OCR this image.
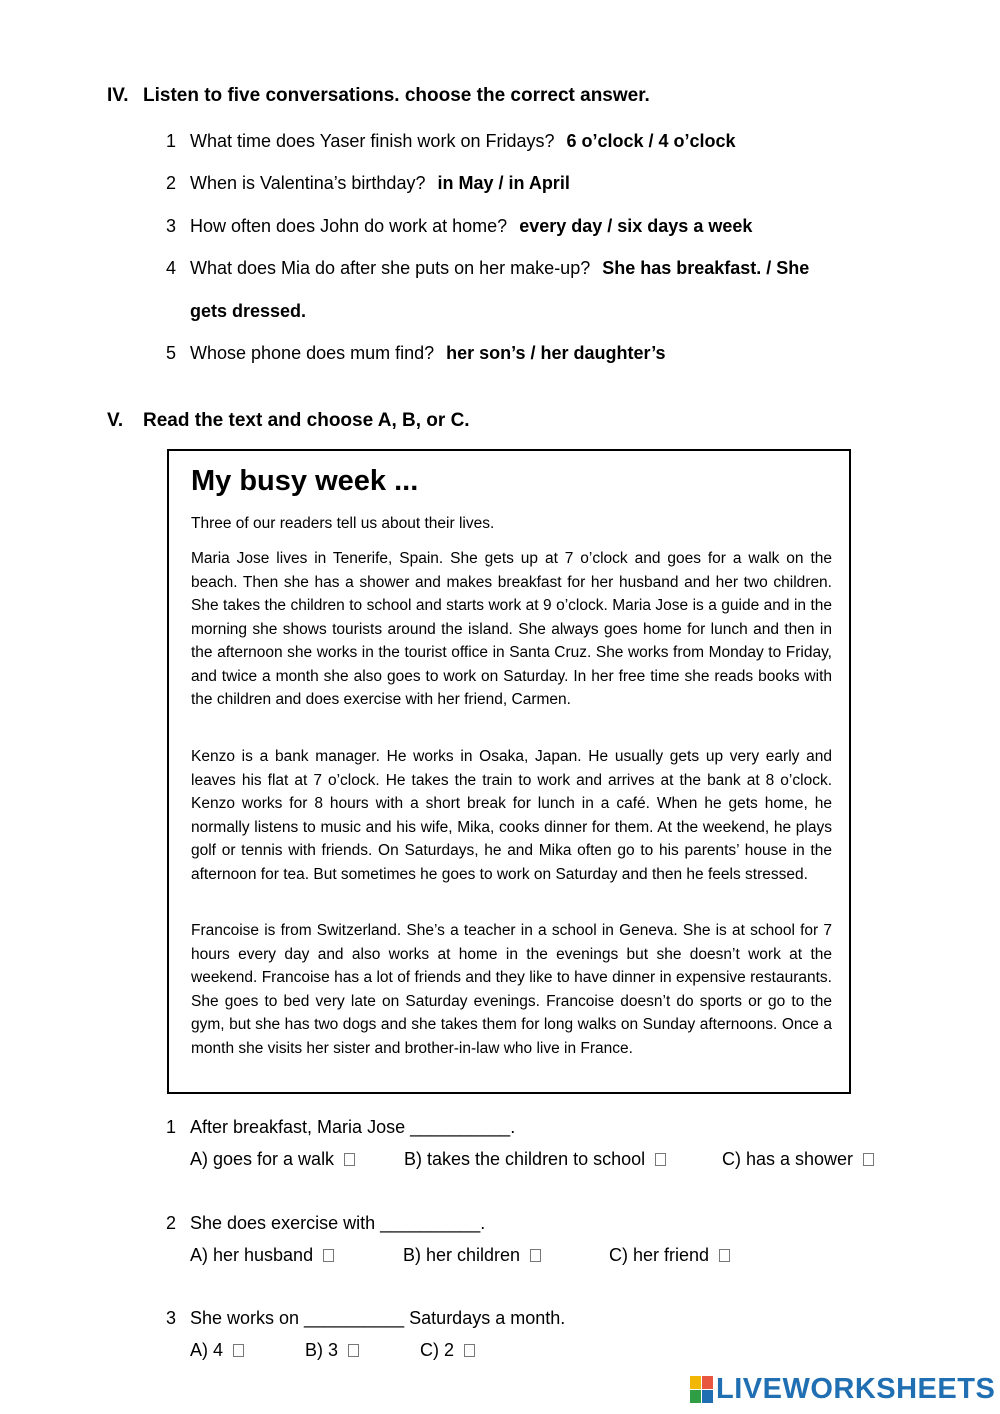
IV. Listen to five conversations. choose the correct answer.
1 What time does Yaser finish work on Fridays? 6 o’clock / 4 o’clock
2 When is Valentina’s birthday? in May / in April
3 How often does John do work at home? every day / six days a week
4 What does Mia do after she puts on her make-up? She has breakfast. / She
gets dressed.
5 Whose phone does mum find? her son’s / her daughter’s
V. Read the text and choose A, B, or C.
My busy week ...
Three of our readers tell us about their lives.

Maria Jose lives in Tenerife, Spain. She gets up at 7 o’clock and goes for a walk on the beach. Then she has a shower and makes breakfast for her husband and her two children. She takes the children to school and starts work at 9 o’clock. Maria Jose is a guide and in the morning she shows tourists around the island. She always goes home for lunch and then in the afternoon she works in the tourist office in Santa Cruz. She works from Monday to Friday, and twice a month she also goes to work on Saturday. In her free time she reads books with the children and does exercise with her friend, Carmen.

Kenzo is a bank manager. He works in Osaka, Japan. He usually gets up very early and leaves his flat at 7 o’clock. He takes the train to work and arrives at the bank at 8 o’clock. Kenzo works for 8 hours with a short break for lunch in a café. When he gets home, he normally listens to music and his wife, Mika, cooks dinner for them. At the weekend, he plays golf or tennis with friends. On Saturdays, he and Mika often go to his parents’ house in the afternoon for tea. But sometimes he goes to work on Saturday and then he feels stressed.

Francoise is from Switzerland. She’s a teacher in a school in Geneva. She is at school for 7 hours every day and also works at home in the evenings but she doesn’t work at the weekend. Francoise has a lot of friends and they like to have dinner in expensive restaurants. She goes to bed very late on Saturday evenings. Francoise doesn’t do sports or go to the gym, but she has two dogs and she takes them for long walks on Sunday afternoons. Once a month she visits her sister and brother-in-law who live in France.

1 After breakfast, Maria Jose __________.
A) goes for a walk	B) takes the children to school	C) has a shower
2 She does exercise with __________.
A) her husband	B) her children	C) her friend
3 She works on __________ Saturdays a month.
A) 4	B) 3	C) 2
LIVEWORKSHEETS
